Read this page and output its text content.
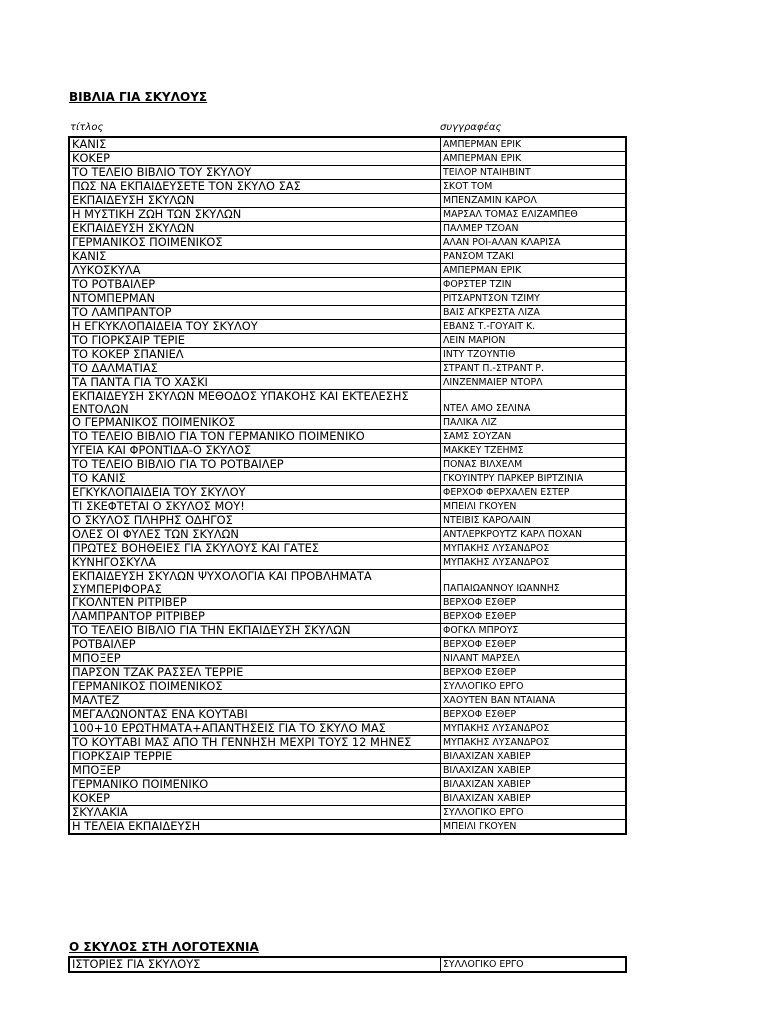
ΒΙΒΛΙΑ ΓΙΑ ΣΚΥΛΟΥΣ
τίτλος	συγγραφέας
ΚΑΝΙΣ	ΑΜΠΕΡΜΑΝ ΕΡΙΚ
ΚΟΚΕΡ	ΑΜΠΕΡΜΑΝ ΕΡΙΚ
ΤΟ ΤΕΛΕΙΟ ΒΙΒΛΙΟ ΤΟΥ ΣΚΥΛΟΥ	ΤΕΙΛΟΡ ΝΤΑΙΗΒΙΝΤ
ΠΩΣ ΝΑ ΕΚΠΑΙΔΕΥΣΕΤΕ ΤΟΝ ΣΚΥΛΟ ΣΑΣ	ΣΚΟΤ ΤΟΜ
ΕΚΠΑΙΔΕΥΣΗ ΣΚΥΛΩΝ	ΜΠΕΝΖΑΜΙΝ ΚΑΡΟΛ
Η ΜΥΣΤΙΚΗ ΖΩΗ ΤΩΝ ΣΚΥΛΩΝ	ΜΑΡΣΑΛ ΤΟΜΑΣ ΕΛΙΖΑΜΠΕΘ
ΕΚΠΑΙΔΕΥΣΗ ΣΚΥΛΩΝ	ΠΑΛΜΕΡ ΤΖΟΑΝ
ΓΕΡΜΑΝΙΚΟΣ ΠΟΙΜΕΝΙΚΟΣ	ΑΛΑΝ ΡΟΙ-ΑΛΑΝ ΚΛΑΡΙΣΑ
ΚΑΝΙΣ	ΡΑΝΣΟΜ ΤΖΑΚΙ
ΛΥΚΟΣΚΥΛΑ	ΑΜΠΕΡΜΑΝ ΕΡΙΚ
ΤΟ ΡΟΤΒΑΙΛΕΡ	ΦΟΡΣΤΕΡ ΤΖΙΝ
ΝΤΟΜΠΕΡΜΑΝ	ΡΙΤΣΑΡΝΤΣΟΝ ΤΖΙΜΥ
ΤΟ ΛΑΜΠΡΑΝΤΟΡ	ΒΑΙΣ ΑΓΚΡΕΣΤΑ ΛΙΖΑ
Η ΕΓΚΥΚΛΟΠΑΙΔΕΙΑ ΤΟΥ ΣΚΥΛΟΥ	ΕΒΑΝΣ Τ.-ΓΟΥΑΙΤ Κ.
ΤΟ ΓΙΟΡΚΣΑΙΡ ΤΕΡΙΕ	ΛΕΙΝ ΜΑΡΙΟΝ
ΤΟ ΚΟΚΕΡ ΣΠΑΝΙΕΛ	ΙΝΤΥ ΤΖΟΥΝΤΙΘ
ΤΟ ΔΑΛΜΑΤΙΑΣ	ΣΤΡΑΝΤ Π.-ΣΤΡΑΝΤ Ρ.
ΤΑ ΠΑΝΤΑ ΓΙΑ ΤΟ ΧΑΣΚΙ	ΛΙΝΖΕΝΜΑΙΕΡ ΝΤΟΡΛ
ΕΚΠΑΙΔΕΥΣΗ ΣΚΥΛΩΝ ΜΕΘΟΔΟΣ ΥΠΑΚΟΗΣ ΚΑΙ ΕΚΤΕΛΕΣΗΣ ΕΝΤΟΛΩΝ	ΝΤΕΛ ΑΜΟ ΣΕΛΙΝΑ
Ο ΓΕΡΜΑΝΙΚΟΣ ΠΟΙΜΕΝΙΚΟΣ	ΠΑΛΙΚΑ ΛΙΖ
ΤΟ ΤΕΛΕΙΟ ΒΙΒΛΙΟ ΓΙΑ ΤΟΝ ΓΕΡΜΑΝΙΚΟ ΠΟΙΜΕΝΙΚΟ	ΣΑΜΣ ΣΟΥΖΑΝ
ΥΓΕΙΑ ΚΑΙ ΦΡΟΝΤΙΔΑ-Ο ΣΚΥΛΟΣ	ΜΑΚΚΕΥ ΤΖΕΗΜΣ
ΤΟ ΤΕΛΕΙΟ ΒΙΒΛΙΟ ΓΙΑ ΤΟ ΡΟΤΒΑΙΛΕΡ	ΠΟΝΑΣ ΒΙΛΧΕΛΜ
ΤΟ ΚΑΝΙΣ	ΓΚΟΥΙΝΤΡΥ ΠΑΡΚΕΡ ΒΙΡΤΖΙΝΙΑ
ΕΓΚΥΚΛΟΠΑΙΔΕΙΑ ΤΟΥ ΣΚΥΛΟΥ	ΦΕΡΧΟΦ ΦΕΡΧΑΛΕΝ ΕΣΤΕΡ
ΤΙ ΣΚΕΦΤΕΤΑΙ Ο ΣΚΥΛΟΣ ΜΟΥ!	ΜΠΕΙΛΙ ΓΚΟΥΕΝ
Ο ΣΚΥΛΟΣ ΠΛΗΡΗΣ ΟΔΗΓΟΣ	ΝΤΕΙΒΙΣ ΚΑΡΟΛΑΙΝ
ΟΛΕΣ ΟΙ ΦΥΛΕΣ ΤΩΝ ΣΚΥΛΩΝ	ΑΝΤΛΕΡΚΡΟΥΤΖ ΚΑΡΛ ΠΟΧΑΝ
ΠΡΩΤΕΣ ΒΟΗΘΕΙΕΣ ΓΙΑ ΣΚΥΛΟΥΣ ΚΑΙ ΓΑΤΕΣ	ΜΥΠΑΚΗΣ ΛΥΣΑΝΔΡΟΣ
ΚΥΝΗΓΟΣΚΥΛΑ	ΜΥΠΑΚΗΣ ΛΥΣΑΝΔΡΟΣ
ΕΚΠΑΙΔΕΥΣΗ ΣΚΥΛΩΝ ΨΥΧΟΛΟΓΙΑ ΚΑΙ ΠΡΟΒΛΗΜΑΤΑ ΣΥΜΠΕΡΙΦΟΡΑΣ	ΠΑΠΑΙΩΑΝΝΟΥ ΙΩΑΝΝΗΣ
ΓΚΟΛΝΤΕΝ ΡΙΤΡΙΒΕΡ	ΒΕΡΧΟΦ ΕΣΘΕΡ
ΛΑΜΠΡΑΝΤΟΡ ΡΙΤΡΙΒΕΡ	ΒΕΡΧΟΦ ΕΣΘΕΡ
ΤΟ ΤΕΛΕΙΟ ΒΙΒΛΙΟ ΓΙΑ ΤΗΝ ΕΚΠΑΙΔΕΥΣΗ ΣΚΥΛΩΝ	ΦΟΓΚΛ ΜΠΡΟΥΣ
ΡΟΤΒΑΙΛΕΡ	ΒΕΡΧΟΦ ΕΣΘΕΡ
ΜΠΟΞΕΡ	ΝΙΛΑΝΤ ΜΑΡΣΕΛ
ΠΑΡΣΟΝ ΤΖΑΚ ΡΑΣΣΕΛ ΤΕΡΡΙΕ	ΒΕΡΧΟΦ ΕΣΘΕΡ
ΓΕΡΜΑΝΙΚΟΣ ΠΟΙΜΕΝΙΚΟΣ	ΣΥΛΛΟΓΙΚΟ ΕΡΓΟ
ΜΑΛΤΕΖ	ΧΑΟΥΤΕΝ ΒΑΝ ΝΤΑΙΑΝΑ
ΜΕΓΑΛΩΝΟΝΤΑΣ ΕΝΑ ΚΟΥΤΑΒΙ	ΒΕΡΧΟΦ ΕΣΘΕΡ
100+10 ΕΡΩΤΗΜΑΤΑ+ΑΠΑΝΤΗΣΕΙΣ ΓΙΑ ΤΟ ΣΚΥΛΟ ΜΑΣ	ΜΥΠΑΚΗΣ ΛΥΣΑΝΔΡΟΣ
ΤΟ ΚΟΥΤΑΒΙ ΜΑΣ ΑΠΟ ΤΗ ΓΕΝΝΗΣΗ ΜΕΧΡΙ ΤΟΥΣ 12 ΜΗΝΕΣ	ΜΥΠΑΚΗΣ ΛΥΣΑΝΔΡΟΣ
ΓΙΟΡΚΣΑΙΡ ΤΕΡΡΙΕ	ΒΙΛΑΧΙΖΑΝ ΧΑΒΙΕΡ
ΜΠΟΞΕΡ	ΒΙΛΑΧΙΖΑΝ ΧΑΒΙΕΡ
ΓΕΡΜΑΝΙΚΟ ΠΟΙΜΕΝΙΚΟ	ΒΙΛΑΧΙΖΑΝ ΧΑΒΙΕΡ
ΚΟΚΕΡ	ΒΙΛΑΧΙΖΑΝ ΧΑΒΙΕΡ
ΣΚΥΛΑΚΙΑ	ΣΥΛΛΟΓΙΚΟ ΕΡΓΟ
Η ΤΕΛΕΙΑ ΕΚΠΑΙΔΕΥΣΗ	ΜΠΕΙΛΙ ΓΚΟΥΕΝ
Ο ΣΚΥΛΟΣ ΣΤΗ ΛΟΓΟΤΕΧΝΙΑ
ΙΣΤΟΡΙΕΣ ΓΙΑ ΣΚΥΛΟΥΣ	ΣΥΛΛΟΓΙΚΟ ΕΡΓΟ
